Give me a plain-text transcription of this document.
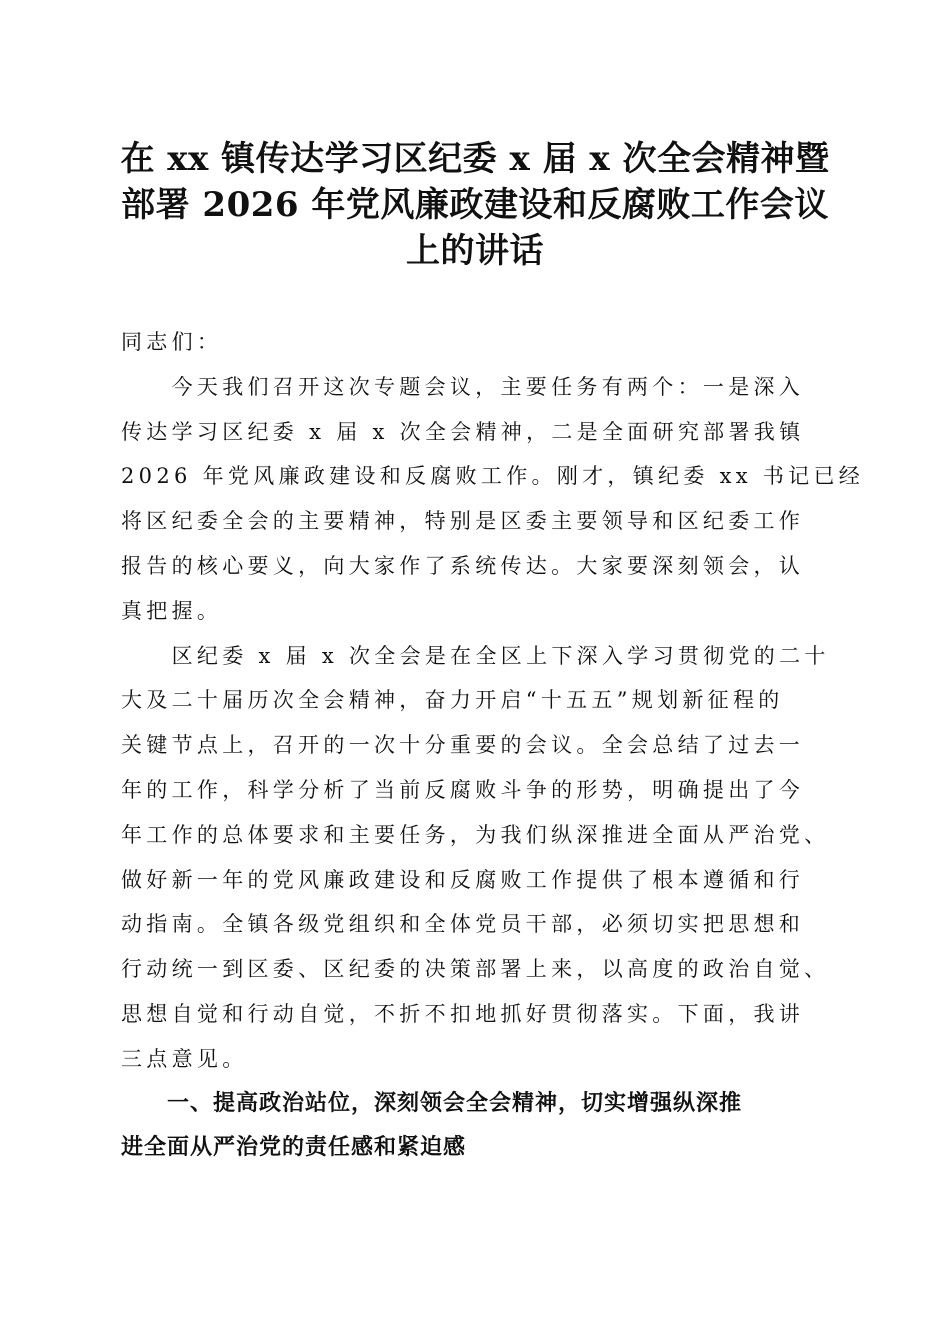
在 xx 镇传达学习区纪委 x 届 x 次全会精神暨
部署 2026 年党风廉政建设和反腐败工作会议
上的讲话
同志们：
　　今天我们召开这次专题会议，主要任务有两个：一是深入
传达学习区纪委 x 届 x 次全会精神，二是全面研究部署我镇
2026 年党风廉政建设和反腐败工作。刚才，镇纪委 xx 书记已经
将区纪委全会的主要精神，特别是区委主要领导和区纪委工作
报告的核心要义，向大家作了系统传达。大家要深刻领会，认
真把握。
　　区纪委 x 届 x 次全会是在全区上下深入学习贯彻党的二十
大及二十届历次全会精神，奋力开启“十五五”规划新征程的
关键节点上，召开的一次十分重要的会议。全会总结了过去一
年的工作，科学分析了当前反腐败斗争的形势，明确提出了今
年工作的总体要求和主要任务，为我们纵深推进全面从严治党、
做好新一年的党风廉政建设和反腐败工作提供了根本遵循和行
动指南。全镇各级党组织和全体党员干部，必须切实把思想和
行动统一到区委、区纪委的决策部署上来，以高度的政治自觉、
思想自觉和行动自觉，不折不扣地抓好贯彻落实。下面，我讲
三点意见。
　　一、提高政治站位，深刻领会全会精神，切实增强纵深推
进全面从严治党的责任感和紧迫感
